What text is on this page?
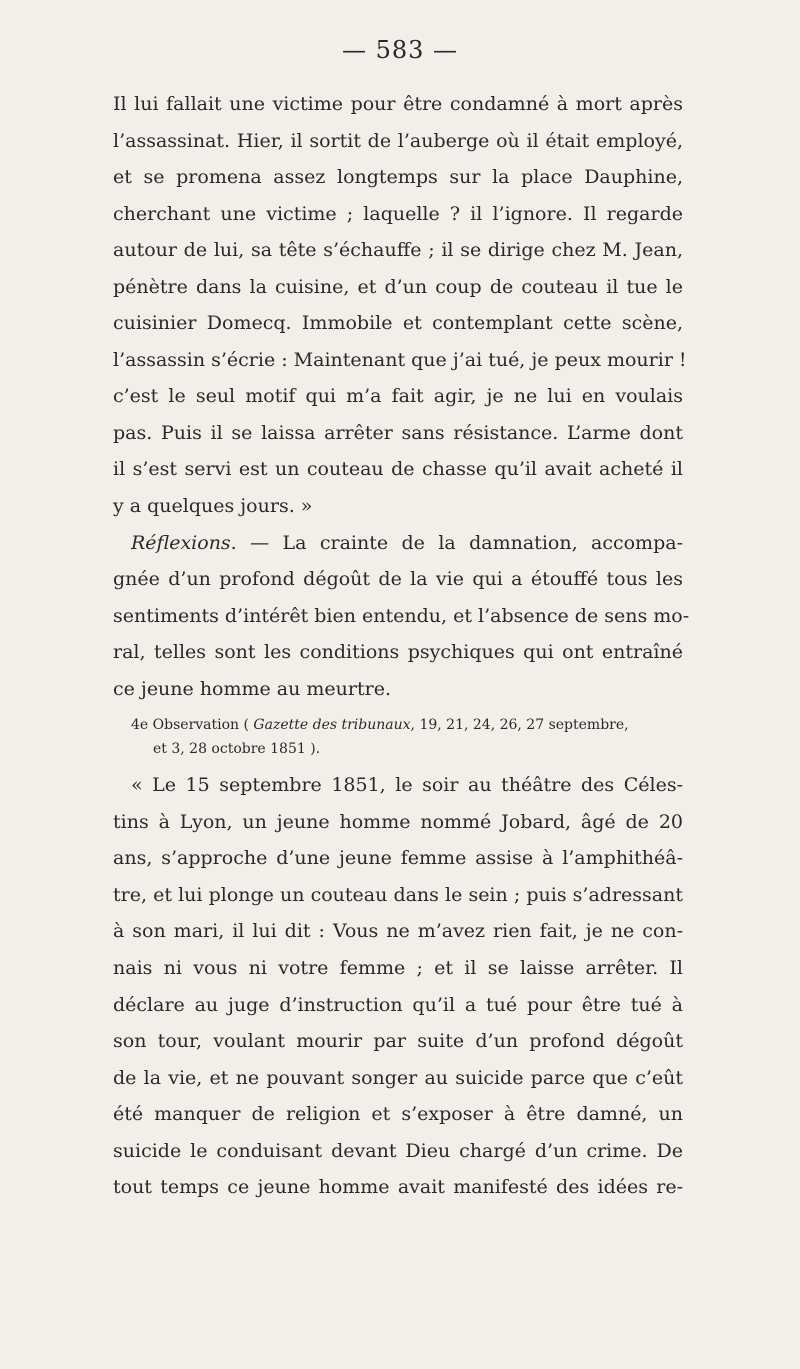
— 583 —
Il lui fallait une victime pour être condamné à mort après
l’assassinat. Hier, il sortit de l’auberge où il était employé,
et se promena assez longtemps sur la place Dauphine,
cherchant une victime ; laquelle ? il l’ignore. Il regarde
autour de lui, sa tête s’échauffe ; il se dirige chez M. Jean,
pénètre dans la cuisine, et d’un coup de couteau il tue le
cuisinier Domecq. Immobile et contemplant cette scène,
l’assassin s’écrie : Maintenant que j’ai tué, je peux mourir !
c’est le seul motif qui m’a fait agir, je ne lui en voulais
pas. Puis il se laissa arrêter sans résistance. L’arme dont
il s’est servi est un couteau de chasse qu’il avait acheté il
y a quelques jours. »
Réflexions. — La crainte de la damnation, accompa-
gnée d’un profond dégoût de la vie qui a étouffé tous les
sentiments d’intérêt bien entendu, et l’absence de sens mo-
ral, telles sont les conditions psychiques qui ont entraîné
ce jeune homme au meurtre.
4e Observation ( Gazette des tribunaux, 19, 21, 24, 26, 27 septembre,
et 3, 28 octobre 1851 ).
« Le 15 septembre 1851, le soir au théâtre des Céles-
tins à Lyon, un jeune homme nommé Jobard, âgé de 20
ans, s’approche d’une jeune femme assise à l’amphithéâ-
tre, et lui plonge un couteau dans le sein ; puis s’adressant
à son mari, il lui dit : Vous ne m’avez rien fait, je ne con-
nais ni vous ni votre femme ; et il se laisse arrêter. Il
déclare au juge d’instruction qu’il a tué pour être tué à
son tour, voulant mourir par suite d’un profond dégoût
de la vie, et ne pouvant songer au suicide parce que c’eût
été manquer de religion et s’exposer à être damné, un
suicide le conduisant devant Dieu chargé d’un crime. De
tout temps ce jeune homme avait manifesté des idées re-
